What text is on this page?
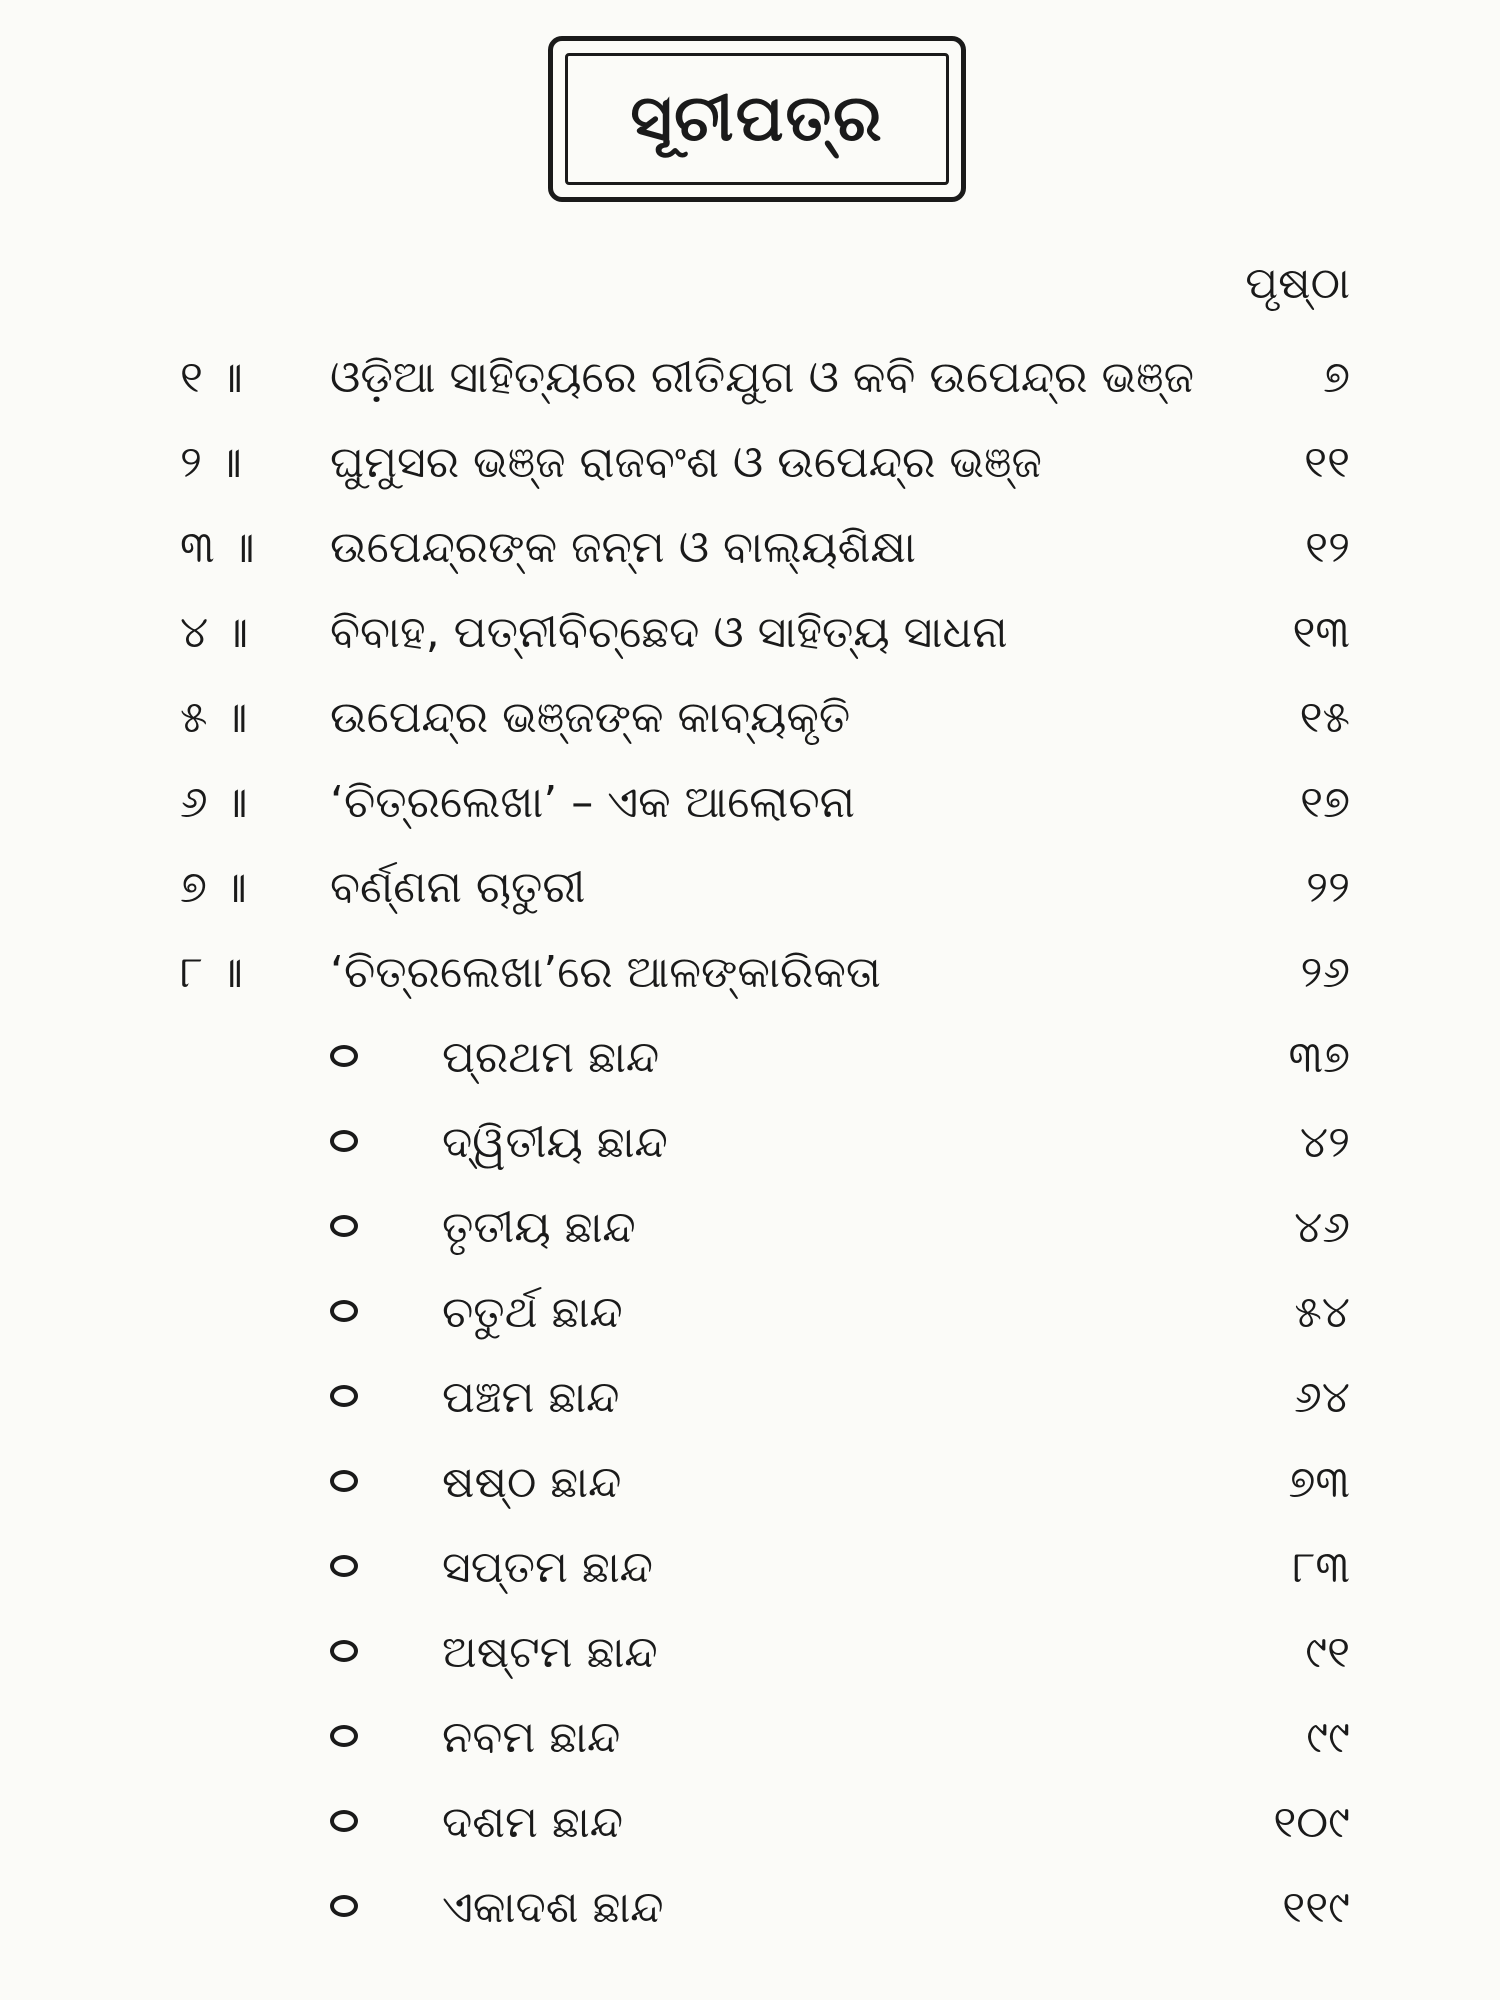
ସୂଚୀପତ୍ର
ପୃଷ୍ଠା
୧ ॥	ଓଡ଼ିଆ ସାହିତ୍ୟରେ ରୀତିଯୁଗ ଓ କବି ଉପେନ୍ଦ୍ର ଭଞ୍ଜ	୭
୨ ॥	ଘୁମୁସର ଭଞ୍ଜ ରାଜବଂଶ ଓ ଉପେନ୍ଦ୍ର ଭଞ୍ଜ	୧୧
୩ ॥	ଉପେନ୍ଦ୍ରଙ୍କ ଜନ୍ମ ଓ ବାଲ୍ୟଶିକ୍ଷା	୧୨
୪ ॥	ବିବାହ, ପତ୍ନୀବିଚ୍ଛେଦ ଓ ସାହିତ୍ୟ ସାଧନା	୧୩
୫ ॥	ଉପେନ୍ଦ୍ର ଭଞ୍ଜଙ୍କ କାବ୍ୟକୃତି	୧୫
୬ ॥	‘ଚିତ୍ରଲେଖା’ – ଏକ ଆଲୋଚନା	୧୭
୭ ॥	ବର୍ଣ୍ଣନା ଚାତୁରୀ	୨୨
୮ ॥	‘ଚିତ୍ରଲେଖା’ରେ ଆଳଙ୍କାରିକତା	୨୬
ପ୍ରଥମ ଛାନ୍ଦ	୩୭
ଦ୍ୱିତୀୟ ଛାନ୍ଦ	୪୨
ତୃତୀୟ ଛାନ୍ଦ	୪୬
ଚତୁର୍ଥ ଛାନ୍ଦ	୫୪
ପଞ୍ଚମ ଛାନ୍ଦ	୬୪
ଷଷ୍ଠ ଛାନ୍ଦ	୭୩
ସପ୍ତମ ଛାନ୍ଦ	୮୩
ଅଷ୍ଟମ ଛାନ୍ଦ	୯୧
ନବମ ଛାନ୍ଦ	୯୯
ଦଶମ ଛାନ୍ଦ	୧୦୯
ଏକାଦଶ ଛାନ୍ଦ	୧୧୯
